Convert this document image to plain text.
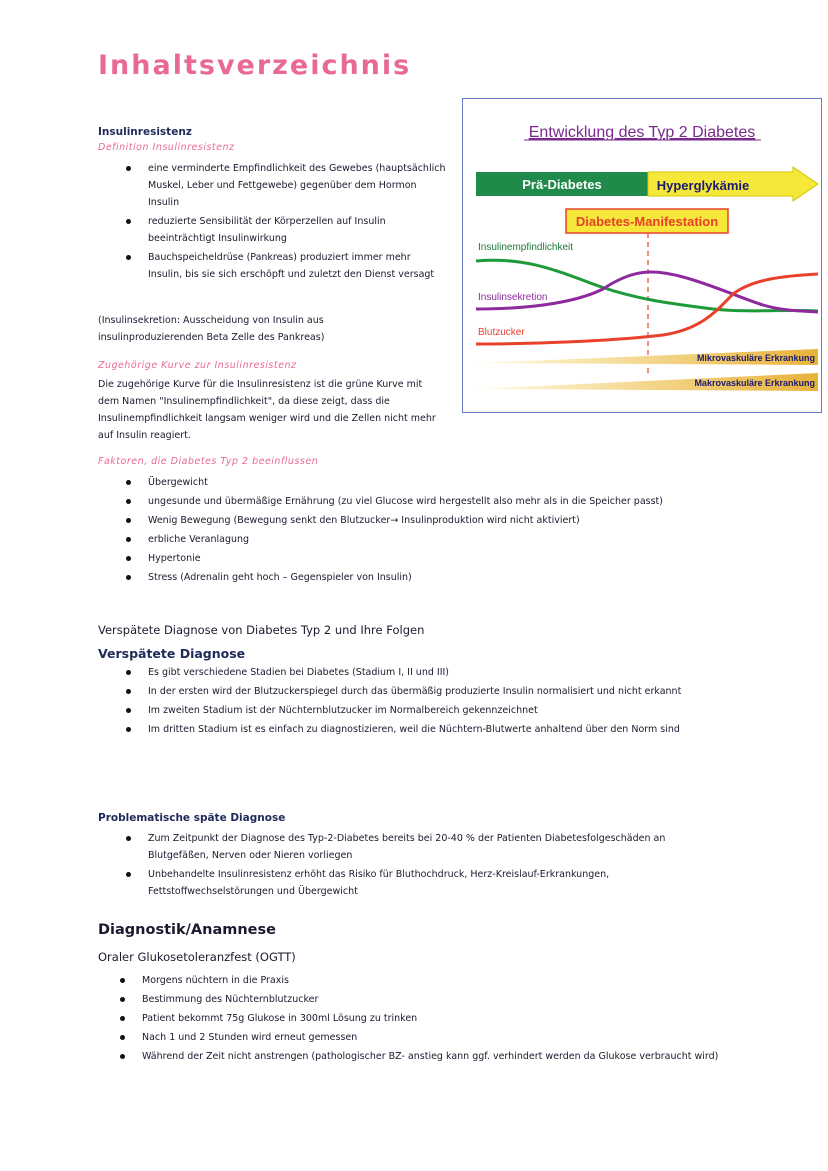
Inhaltsverzeichnis
Insulinresistenz
Definition Insulinresistenz
eine verminderte Empfindlichkeit des Gewebes (hauptsächlich Muskel, Leber und Fettgewebe) gegenüber dem Hormon Insulin
reduzierte Sensibilität der Körperzellen auf Insulin beeinträchtigt Insulinwirkung
Bauchspeicheldrüse (Pankreas) produziert immer mehr Insulin, bis sie sich erschöpft und zuletzt den Dienst versagt
(Insulinsekretion: Ausscheidung von Insulin aus insulinproduzierenden Beta Zelle des Pankreas)
Zugehörige Kurve zur Insulinresistenz
Die zugehörige Kurve für die Insulinresistenz ist die grüne Kurve mit dem Namen "Insulinempfindlichkeit", da diese zeigt, dass die Insulinempfindlichkeit langsam weniger wird und die Zellen nicht mehr auf Insulin reagiert.
Entwicklung des Typ 2 Diabetes
Prä-Diabetes	Hyperglykämie
Diabetes-Manifestation
Insulinempfindlichkeit
Insulinsekretion
Blutzucker
Mikrovaskuläre Erkrankung
Makrovaskuläre Erkrankung
Faktoren, die Diabetes Typ 2 beeinflussen
Übergewicht
ungesunde und übermäßige Ernährung (zu viel Glucose wird hergestellt also mehr als in die Speicher passt)
Wenig Bewegung (Bewegung senkt den Blutzucker→ Insulinproduktion wird nicht aktiviert)
erbliche Veranlagung
Hypertonie
Stress (Adrenalin geht hoch – Gegenspieler von Insulin)
Verspätete Diagnose von Diabetes Typ 2 und Ihre Folgen
Verspätete Diagnose
Es gibt verschiedene Stadien bei Diabetes (Stadium I, II und III)
In der ersten wird der Blutzuckerspiegel durch das übermäßig produzierte Insulin normalisiert und nicht erkannt
Im zweiten Stadium ist der Nüchternblutzucker im Normalbereich gekennzeichnet
Im dritten Stadium ist es einfach zu diagnostizieren, weil die Nüchtern-Blutwerte anhaltend über den Norm sind
Problematische späte Diagnose
Zum Zeitpunkt der Diagnose des Typ-2-Diabetes bereits bei 20-40 % der Patienten Diabetesfolgeschäden an Blutgefäßen, Nerven oder Nieren vorliegen
Unbehandelte Insulinresistenz erhöht das Risiko für Bluthochdruck, Herz-Kreislauf-Erkrankungen, Fettstoffwechselstörungen und Übergewicht
Diagnostik/Anamnese
Oraler Glukosetoleranzfest (OGTT)
Morgens nüchtern in die Praxis
Bestimmung des Nüchternblutzucker
Patient bekommt 75g Glukose in 300ml Lösung zu trinken
Nach 1 und 2 Stunden wird erneut gemessen
Während der Zeit nicht anstrengen (pathologischer BZ- anstieg kann ggf. verhindert werden da Glukose verbraucht wird)
